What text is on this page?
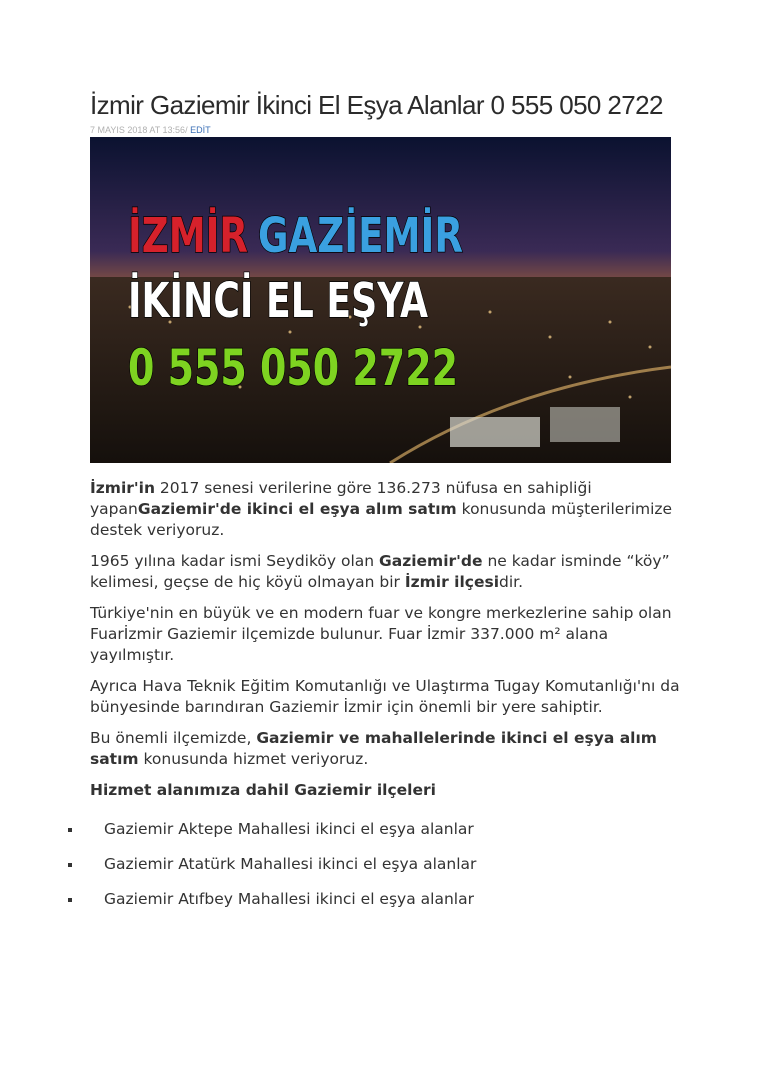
İzmir Gaziemir İkinci El Eşya Alanlar 0 555 050 2722
7 MAYIS 2018 AT 13:56/ EDİT
İZMİR
GAZİEMİR
İKİNCİ EL EŞYA
0 555 050 2722

İzmir'in 2017 senesi verilerine göre 136.273 nüfusa en sahipliği yapanGaziemir'de ikinci el eşya alım satım konusunda müşterilerimize destek veriyoruz.

1965 yılına kadar ismi Seydiköy olan Gaziemir'de ne kadar isminde “köy” kelimesi, geçse de hiç köyü olmayan bir İzmir ilçesidir.

Türkiye'nin en büyük ve en modern fuar ve kongre merkezlerine sahip olan Fuarİzmir Gaziemir ilçemizde bulunur. Fuar İzmir 337.000 m² alana yayılmıştır.

Ayrıca Hava Teknik Eğitim Komutanlığı ve Ulaştırma Tugay Komutanlığı'nı da bünyesinde barındıran Gaziemir İzmir için önemli bir yere sahiptir.

Bu önemli ilçemizde, Gaziemir ve mahallelerinde ikinci el eşya alım satım konusunda hizmet veriyoruz.

Hizmet alanımıza dahil Gaziemir ilçeleri

Gaziemir Aktepe Mahallesi ikinci el eşya alanlar
Gaziemir Atatürk Mahallesi ikinci el eşya alanlar
Gaziemir Atıfbey Mahallesi ikinci el eşya alanlar
